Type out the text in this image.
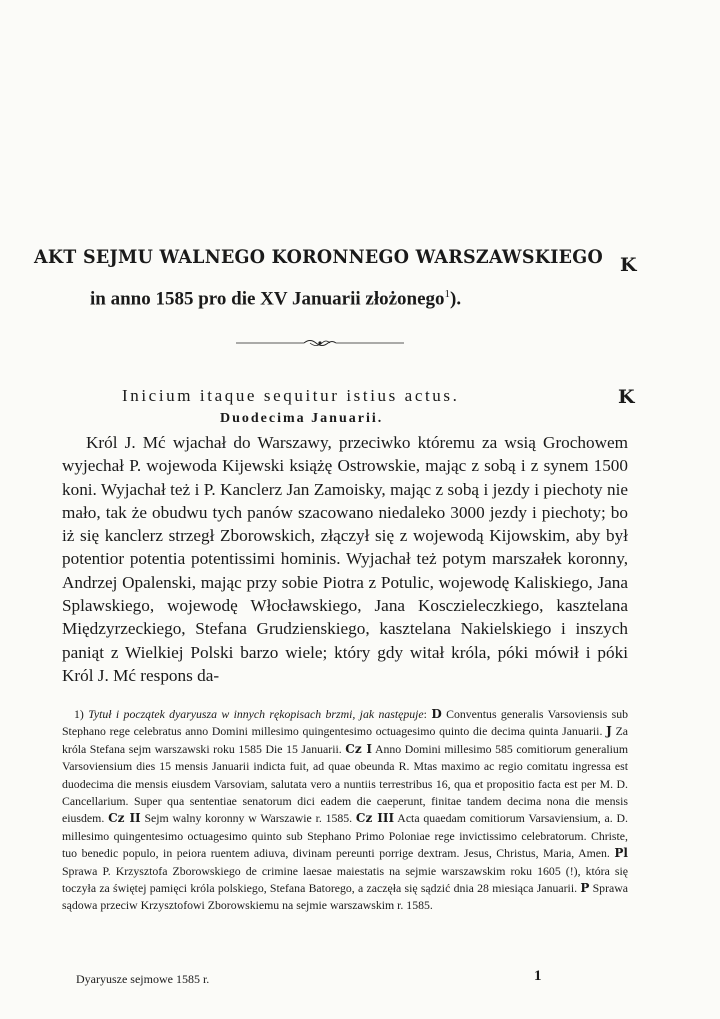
AKT SEJMU WALNEGO KORONNEGO WARSZAWSKIEGO K
in anno 1585 pro die XV Januarii złożonego$^1$).
Inicium itaque sequitur istius actus.	K
Duodecima Januarii.

Król J. Mć wjachał do Warszawy, przeciwko któremu za wsią Grochowem wyjechał P. wojewoda Kijewski książę Ostrowskie, mając z sobą i z synem 1500 koni. Wyjachał też i P. Kanclerz Jan Zamoisky, mając z sobą i jezdy i piechoty nie mało, tak że obudwu tych panów szacowano niedaleko 3000 jezdy i piechoty; bo iż się kanclerz strzegł Zborowskich, złączył się z wojewodą Kijowskim, aby był potentior potentia potentissimi hominis. Wyjachał też potym marszałek koronny, Andrzej Opalenski, mając przy sobie Piotra z Potulic, wojewodę Kaliskiego, Jana Splawskiego, wojewodę Włocławskiego, Jana Kosczieleczkiego, kasztelana Międzyrzeckiego, Stefana Grudzienskiego, kasztelana Nakielskiego i inszych paniąt z Wielkiej Polski barzo wiele; który gdy witał króla, póki mówił i póki Król J. Mć respons da-

1) Tytuł i początek dyaryusza w innych rękopisach brzmi, jak następuje: D Conventus generalis Varsoviensis sub Stephano rege celebratus anno Domini millesimo quingentesimo octuagesimo quinto die decima quinta Januarii. J Za króla Stefana sejm warszawski roku 1585 Die 15 Januarii. Cz I Anno Domini millesimo 585 comitiorum generalium Varsoviensium dies 15 mensis Januarii indicta fuit, ad quae obeunda R. Mtas maximo ac regio comitatu ingressa est duodecima die mensis eiusdem Varsoviam, salutata vero a nuntiis terrestribus 16, qua et propositio facta est per M. D. Cancellarium. Super qua sententiae senatorum dici eadem die caeperunt, finitae tandem decima nona die mensis eiusdem. Cz II Sejm walny koronny w Warszawie r. 1585. Cz III Acta quaedam comitiorum Varsaviensium, a. D. millesimo quingentesimo octuagesimo quinto sub Stephano Primo Poloniae rege invictissimo celebratorum. Christe, tuo benedic populo, in peiora ruentem adiuva, divinam pereunti porrige dextram. Jesus, Christus, Maria, Amen. Pl Sprawa P. Krzysztofa Zborowskiego de crimine laesae maiestatis na sejmie warszawskim roku 1605 (!), która się toczyła za świętej pamięci króla polskiego, Stefana Batorego, a zaczęła się sądzić dnia 28 miesiąca Januarii. P Sprawa sądowa przeciw Krzysztofowi Zborowskiemu na sejmie warszawskim r. 1585.
Dyaryusze sejmowe 1585 r.	1
